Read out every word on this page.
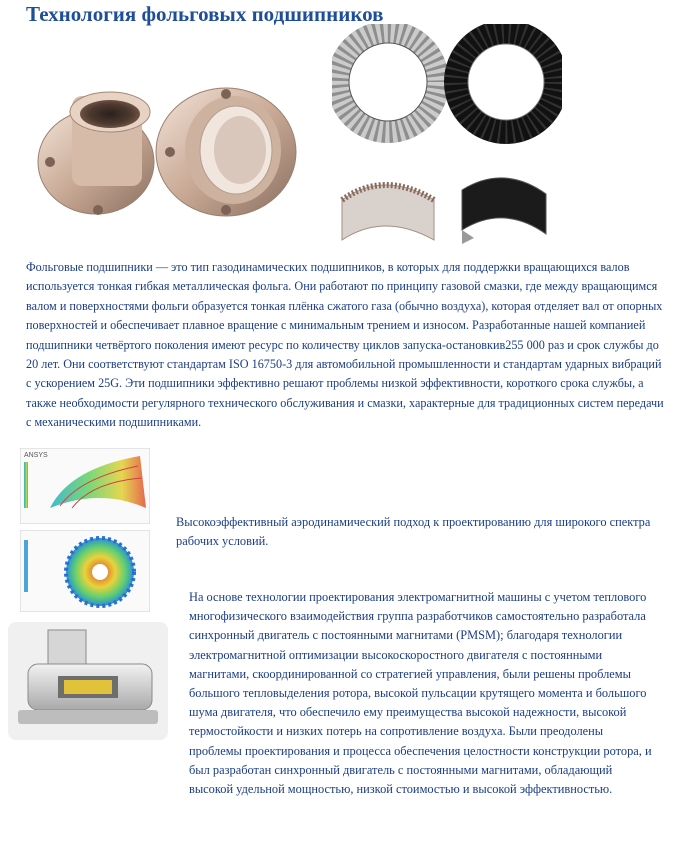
Технология фольговых подшипников
Фольговые подшипники — это тип газодинамических подшипников, в которых для поддержки вращающихся валов используется тонкая гибкая металлическая фольга. Они работают по принципу газовой смазки, где между вращающимся валом и поверхностями фольги образуется тонкая плёнка сжатого газа (обычно воздуха), которая отделяет вал от опорных поверхностей и обеспечивает плавное вращение с минимальным трением и износом. Разработанные нашей компанией подшипники четвёртого поколения имеют ресурс по количеству циклов запуска-остановкив255 000 раз и срок службы до 20 лет. Они соответствуют стандартам ISO 16750-3 для автомобильной промышленности и стандартам ударных вибраций с ускорением 25G. Эти подшипники эффективно решают проблемы низкой эффективности, короткого срока службы, а также необходимости регулярного технического обслуживания и смазки, характерные для традиционных систем передачи с механическими подшипниками.
ANSYS
Высокоэффективный аэродинамический подход к проектированию для широкого спектра рабочих условий.
На основе технологии проектирования электромагнитной машины с учетом теплового многофизического взаимодействия группа разработчиков самостоятельно разработала синхронный двигатель с постоянными магнитами (PMSM); благодаря технологии электромагнитной оптимизации высокоскоростного двигателя с постоянными магнитами, скоординированной со стратегией управления, были решены проблемы большого тепловыделения ротора, высокой пульсации крутящего момента и большого шума двигателя, что обеспечило ему преимущества высокой надежности, высокой термостойкости и низких потерь на сопротивление воздуха. Были преодолены проблемы проектирования и процесса обеспечения целостности конструкции ротора, и был разработан синхронный двигатель с постоянными магнитами, обладающий высокой удельной мощностью, низкой стоимостью и высокой эффективностью.
